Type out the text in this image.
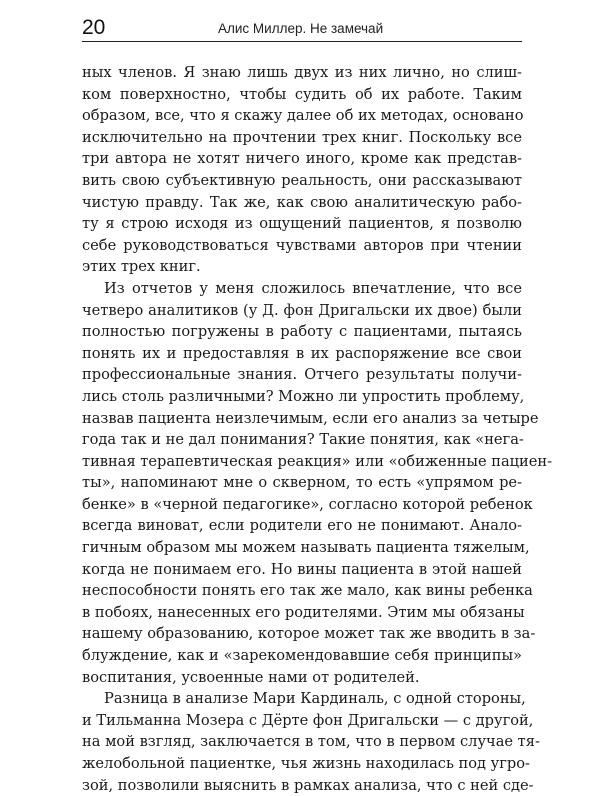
20	Алис Миллер. Не замечай
ных членов. Я знаю лишь двух из них лично, но слиш-
ком поверхностно, чтобы судить об их работе. Таким
образом, все, что я скажу далее об их методах, основано
исключительно на прочтении трех книг. Поскольку все
три автора не хотят ничего иного, кроме как представ-
вить свою субъективную реальность, они рассказывают
чистую правду. Так же, как свою аналитическую рабо-
ту я строю исходя из ощущений пациентов, я позволю
себе руководствоваться чувствами авторов при чтении
этих трех книг.
Из отчетов у меня сложилось впечатление, что все
четверо аналитиков (у Д. фон Дригальски их двое) были
полностью погружены в работу с пациентами, пытаясь
понять их и предоставляя в их распоряжение все свои
профессиональные знания. Отчего результаты получи-
лись столь различными? Можно ли упростить проблему,
назвав пациента неизлечимым, если его анализ за четыре
года так и не дал понимания? Такие понятия, как «нега-
тивная терапевтическая реакция» или «обиженные пациен-
ты», напоминают мне о скверном, то есть «упрямом ре-
бенке» в «черной педагогике», согласно которой ребенок
всегда виноват, если родители его не понимают. Анало-
гичным образом мы можем называть пациента тяжелым,
когда не понимаем его. Но вины пациента в этой нашей
неспособности понять его так же мало, как вины ребенка
в побоях, нанесенных его родителями. Этим мы обязаны
нашему образованию, которое может так же вводить в за-
блуждение, как и «зарекомендовавшие себя принципы»
воспитания, усвоенные нами от родителей.
Разница в анализе Мари Кардиналь, с одной стороны,
и Тильманна Мозера с Дёрте фон Дригальски — с другой,
на мой взгляд, заключается в том, что в первом случае тя-
желобольной пациентке, чья жизнь находилась под угро-
зой, позволили выяснить в рамках анализа, что с ней сде-
